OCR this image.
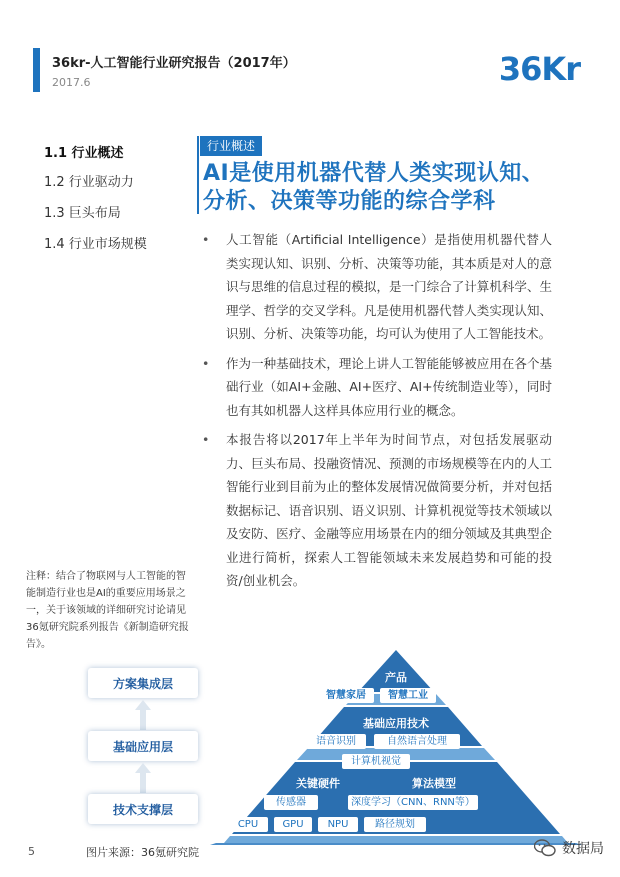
36kr-人工智能行业研究报告（2017年）
2017.6	36Kr
1.1 行业概述
1.2 行业驱动力
1.3 巨头布局
1.4 行业市场规模
行业概述
AI是使用机器代替人类实现认知、分析、决策等功能的综合学科
•	人工智能（Artificial Intelligence）是指使用机器代替人类实现认知、识别、分析、决策等功能，其本质是对人的意识与思维的信息过程的模拟，是一门综合了计算机科学、生理学、哲学的交叉学科。凡是使用机器代替人类实现认知、识别、分析、决策等功能，均可认为使用了人工智能技术。
•	作为一种基础技术，理论上讲人工智能能够被应用在各个基础行业（如AI+金融、AI+医疗、AI+传统制造业等），同时也有其如机器人这样具体应用行业的概念。
•	本报告将以2017年上半年为时间节点，对包括发展驱动力、巨头布局、投融资情况、预测的市场规模等在内的人工智能行业到目前为止的整体发展情况做简要分析，并对包括数据标记、语音识别、语义识别、计算机视觉等技术领域以及安防、医疗、金融等应用场景在内的细分领域及其典型企业进行简析，探索人工智能领域未来发展趋势和可能的投资/创业机会。
注释：结合了物联网与人工智能的智能制造行业也是AI的重要应用场景之一，关于该领域的详细研究讨论请见36氪研究院系列报告《新制造研究报告》。
方案集成层
基础应用层
技术支撑层
产品
智慧家居	智慧工业
基础应用技术
语音识别	自然语言处理
计算机视觉
关键硬件	算法模型
传感器	深度学习（CNN、RNN等）
CPU	GPU	NPU	路径规划
5	图片来源：36氪研究院	数据局
